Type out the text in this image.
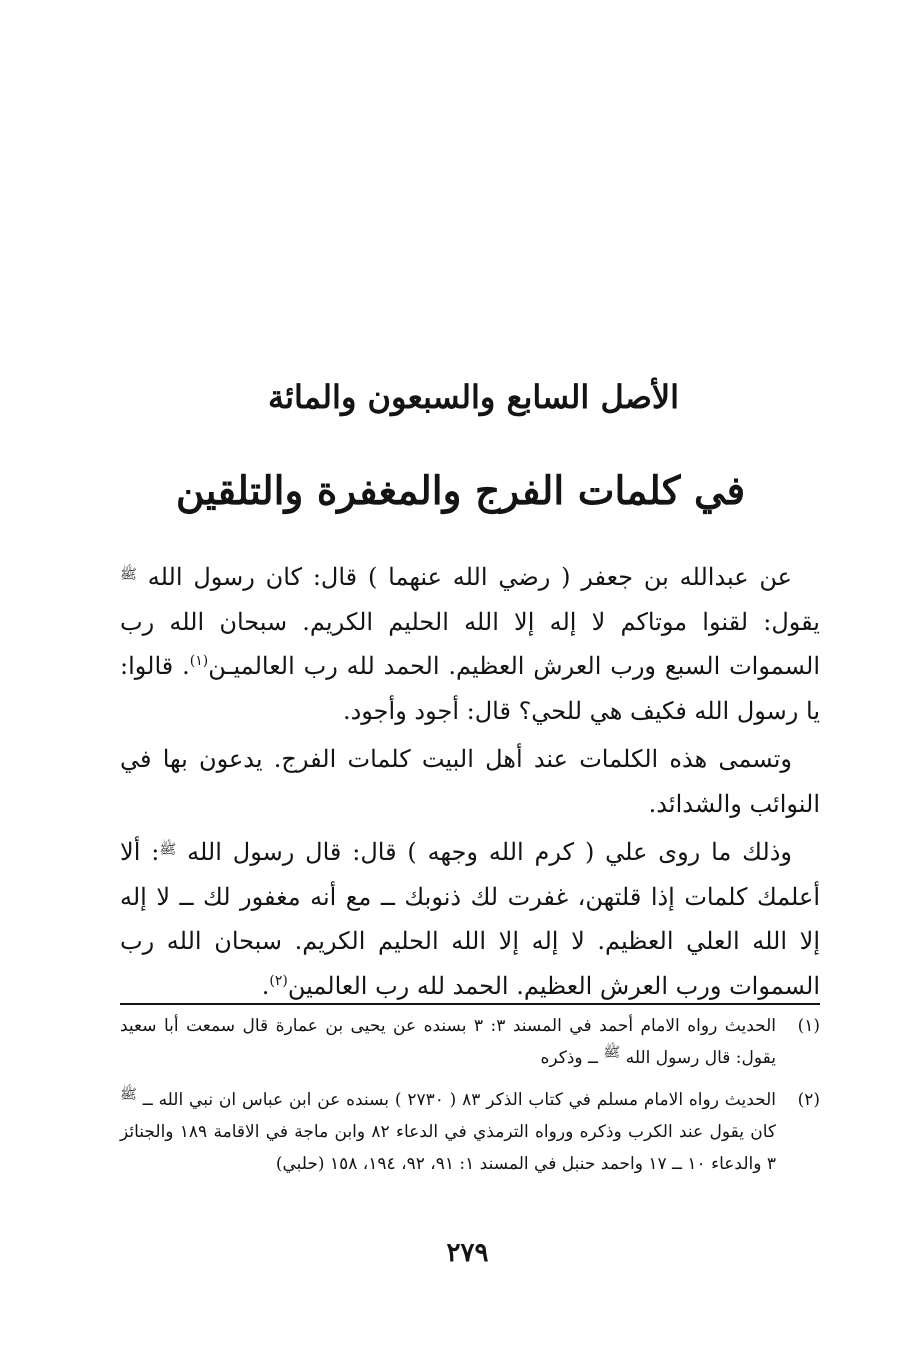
الأصل السابع والسبعون والمائة
في كلمات الفرج والمغفرة والتلقين

عن عبدالله بن جعفر ( رضي الله عنهما ) قال: كان رسول الله $^ﷺ$ يقول: لقنوا موتاكم لا إله إلا الله الحليم الكريم. سبحان الله رب السموات السبع ورب العرش العظيم. الحمد لله رب العالميـن$^{(١)}$. قالوا: يا رسول الله فكيف هي للحي؟ قال: أجود وأجود.

وتسمى هذه الكلمات عند أهل البيت كلمات الفرج. يدعون بها في النوائب والشدائد.

وذلك ما روى علي ( كرم الله وجهه ) قال: قال رسول الله $^ﷺ$: ألا أعلمك كلمات إذا قلتهن، غفرت لك ذنوبك ــ مع أنه مغفور لك ــ لا إله إلا الله العلي العظيم. لا إله إلا الله الحليم الكريم. سبحان الله رب السموات ورب العرش العظيم. الحمد لله رب العالمين$^{(٢)}$.

(١)
الحديث رواه الامام أحمد في المسند ٣: ٣ بسنده عن يحيى بن عمارة قال سمعت أبا سعيد يقول: قال رسول الله $^ﷺ$ ــ وذكره
(٢)
الحديث رواه الامام مسلم في كتاب الذكر ٨٣ ( ٢٧٣٠ ) بسنده عن ابن عباس ان نبي الله ــ $^ﷺ$ كان يقول عند الكرب وذكره ورواه الترمذي في الدعاء ٨٢ وابن ماجة في الاقامة ١٨٩ والجنائز ٣ والدعاء ١٠ ــ ١٧ واحمد حنبل في المسند ١: ٩١، ٩٢، ١٩٤، ١٥٨ (حلبي)
٢٧٩
